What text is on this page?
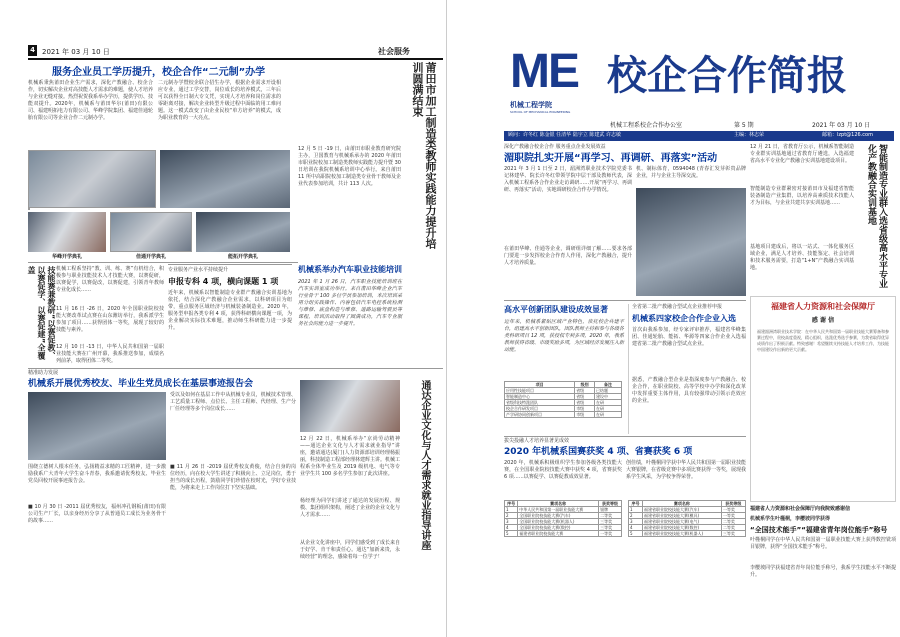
4 2021 年 03 月 10 日	社会服务
服务企业员工学历提升，校企合作“二元制”办学
机械系秉焦莆田企业生产需求，深化产教融合、校企合作，切实解决企业对高技能人才需求的难题，使人才培养与企业无缝对接。热烈祝贺我系举办学历，提供学历、技能双提升。2020年，机械系与莆田华尔(莆田)有限公司、福建明拓电力有限公司、华峰学院集团、福建佳通轮胎有限公司等企业合作二元制办学。
二元制办学暨校企联合招生办学，根据企业需求开设相应专业，通过工学交替，岗位成长的培养模式，三年后可以获得全日制大专文凭，实现人才培养和岗位需求的零距离对接，解决企业转型升级过程中面临的用工难问题。这一模式改变了由企业民校“单方培养”的模式，成为职业教育的一大亮点。	莆田市加工制造类教师实践能力提升培训圆满结束
12 月 5 日 -19 日，由莆田市职业教育研究院主办，卫国教育与机械系承办的 2020 年莆田市职业院校加工制造类教师实践能力提升暨 30 日培训在我院机械系培训中心举行。来自莆田 11 所中高职院校加工制造类专业骨干教师及企业代表参加培训，共计 113 人次。
华峰开学典礼	佳通开学典礼	能拓开学典礼
技能赛兼教研“以赛促教、以赛促学、以赛促建”全覆盖	机械工程系坚持“教、训、练、赛”有机结合，积极参与职业技能技术人才技能大赛，以赛促研，以赛促学，以赛促改，以赛促建，引领青年教师专业化成长……
11 月 16 日 -26 日，2020 年全国职业院校技能大赛改革试点赛在山东潍坊举行，我系派学生参加了项目……获得团体一等奖，展现了较好的技能与素养。
12 月 10 日 -13 日，中华人民共和国第一届职业技能大赛在广州开幕，我系推送参加，成绩名列前茅，取得团体二等奖。
专业服务产业水平持续提升
申报专科 4 项，横向课题 1 项
近年来，机械系以智能制造专业群产教融合实训基地为依托，结合深化产教融合企业需求，以科研项目为纽带，重点服务区域经济与机械装备制造业。2020 年，服务型申报各类专利 4 项，获得科研横向课题一项，为企业解决实际技术难题，推动师生科研能力进一步提升。
机械系举办汽车职业技能培训
2021 年 1 月 26 日，汽车职业技能培训班在汽车实训室成功举行。来自莆田华峰企业汽车行业骨干 100 多位学员参加培训，本次培训采用分组实践操作、内容包括汽车电控系统检测与维修、底盘构造与维修、道路运输驾驶员等课程，培训活动取得了圆满成功，汽车专业服务社会的能力进一步提升。
精准助力发展
机械系开展优秀校友、毕业生党员成长在基层事迹报告会
受以及如何在基层工作中从机械专业员，机械技术管理、工艺质量工程师、点位长、主任工程师、代经理、生产分厂任经理等多个岗位成长……
围绕立德树人根本任务，弘扬精益求精的工匠精神，进一步激励我系广大青年大学生奋斗青春，我系邀请优秀校友、毕业生党员回校开展事迹报告会。
■ 10 月 30 日 -2011 届优秀校友，福州冲孔钢板(莆田)有限公司生产厂长，以亲身经历分享了从普通员工成长为业务骨干的故事……
■ 11 月 26 日 -2019 届优秀校友黄俊，结合自身的岗位经历，向在校大学生讲述了积极向上、立足岗位，勇于担当的成长历程，鼓励同学们珍惜在校时光，学好专业技能，为将来走上工作岗位打下坚实基础。	通达企业文化与人才需求就业指导讲座
12 月 22 日，机械系举办“京尚劳动精神——通达企业文化与人才需求就业指导”讲座，邀请通达(厦门)人力资源部培训经理杨振丽，科技制造工程部经理林建辉主讲。机械工程系全体毕业生及 2019 级机电、电气等专业学生共 100 多名学生参加了此次讲座。
杨经理为同学们讲述了通达的发展历程、规模、集团组织架构，阐述了企业的企业文化与人才需求……
从企业文化讲座中，同学们感受到了成长来自于好学、肯干和责任心。通达“加新来贵，永续经营”的理念，感染着每一位学子！
ME
机械工程学院
SCHOOL OF MECHANICAL ENGINEERING
校企合作简报
机械工程系校企合作办公室	第 5 期	2021 年 03 月 10 日
顾问：许冬红 陈金银 任清华 陆宇立 陈建武 许志敏	主编：林志荣	邮箱：lzpt@126.com
深化产教融合校企合作 服务重点企业发展效益
湄职院扎实开展“再学习、再调研、再落实”活动
2021 年 3 月 1 日至 2 日，湄洲湾职业技术学院党委书记林建华、院长许冬红带领学院中层干部及教师代表，深入机械工程系各合作企业走访调研……开展“再学习、再调研、再落实”活动，实地调研校企合作办学情况。
在莆田华峰、佳通等企业，调研组详细了解……要求各部门要进一步发挥校企合作育人作用，深化产教融合，提升人才培养质量。
机、制标体育，0594048 (青春汇发芽彰贵品牌企业，并与企业主导深交流。
12 月 21 日，省教育厅公示，机械系智能制造专业群实训基地通过省教育厅遴选，入选福建省高水平专业化产教融合实训基地建设项目。
智能制造专业群紧密对接莆田市及福建省智能装备制造产业集群，以培养高素质技术技能人才为目标，与企业共建共享实训基地……
基地项目建成后，将以一站式、一体化服务区域企业，满足人才培养、技能鉴定、社会培训和技术服务需要，打造“1+N”产教融合实训基地。	智能制造专业群入选省级高水平专业化产教融合实训基地
高水平创新团队建设成效显著
近年来，机械系紧贴区域产业特色，依托校企共建平台，组建高水平创新团队，团队教师主持和参与各级各类科研项目 12 项，获授权专利多项，2020 年，我系教师获得省级、市级奖励多项，为区域经济发展注入新动能。
项目	级别	备注
应用性技能项目	省级	已结题
智能制造中心	省级	建设中
省级科技特派团队	省级	在研
校企合作研发项目	市级	在研
产学研协同创新项目	市级	在研
全省第二批产教融合型试点企业推荐申报
机械系四家校企合作企业入选
首次由我系参加，经专家评审推荐，福建省华峰集团、佳通轮胎、能拓、华源等四家合作企业入选福建省第二批产教融合型试点企业。
据悉，产教融合型企业是指深度参与产教融合、校企合作，在职业院校、高等学校中办学和深化改革中发挥重要主体作用，具有较强带动引领示范效应的企业。
福建省人力资源和社会保障厅
感 谢 信
福建湄洲湾职业技术学院：在中华人民共和国第一届职业技能大赛筹备和参赛过程中，贵校高度重视，精心组织，选派优秀选手参赛，为我省取得优异成绩作出了积极贡献。特致感谢！希望继续支持技能人才培养工作，为技能中国建设作出新的更大贡献。
福建省人力资源和社会保障厅向我院致感谢信
拔尖投融人才培养显著见成效
2020 年机械系国赛获奖 4 项、省赛获奖 6 项
2020 年，机械系积极组织学生参加各级各类技能大赛，在全国职业院校技能大赛中获奖 4 项，省赛获奖 6 项……以赛促学、以赛促教成效显著。
创佳绩，叶槿桐同学获中华人民共和国第一届职业技能大赛银牌，在省级竞赛中多项比赛获得一等奖，展现我系学生风采，为学校争得荣誉。
序号	赛项名称	获奖等级
1	中华人民共和国第一届职业技能大赛	银牌
2	全国职业院校技能大赛(汽车)	二等奖
3	全国职业院校技能大赛(机器人)	三等奖
4	全国职业院校技能大赛(数控)	三等奖
5	福建省职业院校技能大赛	一等奖
序号	赛项名称	获奖等级
1	福建省职业院校技能大赛(汽车)	一等奖
2	福建省职业院校技能大赛(模具)	一等奖
3	福建省职业院校技能大赛(电气)	二等奖
4	福建省职业院校技能大赛(数控)	二等奖
5	福建省职业院校技能大赛(机器人)	三等奖
机械系学生叶槿桐，李樱坡同学获得
“全国技术能手”“福建省青年岗位能手”称号
叶槿桐同学在中华人民共和国第一届职业技能大赛上获得数控铣项目银牌，获得“全国技术能手”称号。
李樱坡同学获福建省青年岗位能手称号，我系学生技能水平不断提升。
